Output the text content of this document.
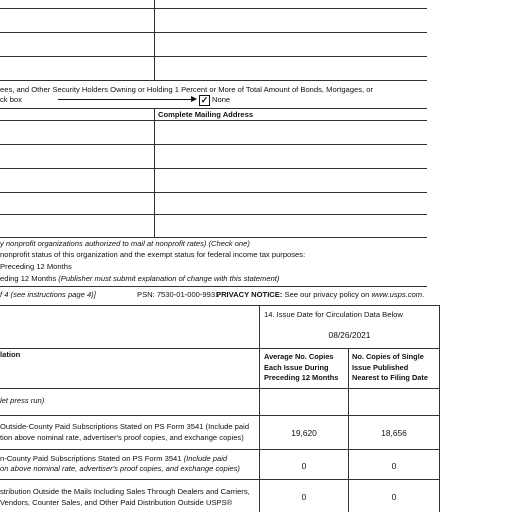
ees, and Other Security Holders Owning or Holding 1 Percent or More of Total Amount of Bonds, Mortgages, or
ck box	✓ None
Complete Mailing Address
y nonprofit organizations authorized to mail at nonprofit rates) (Check one)
nonprofit status of this organization and the exempt status for federal income tax purposes:
Preceding 12 Months
eding 12 Months (Publisher must submit explanation of change with this statement)
f 4 (see instructions page 4)]	PSN: 7530-01-000-9931
PRIVACY NOTICE: See our privacy policy on www.usps.com.
14. Issue Date for Circulation Data Below
08/26/2021
lation	Average No. Copies
Each Issue During
Preceding 12 Months
No. Copies of Single
Issue Published
Nearest to Filing Date
let press run)
Outside-County Paid Subscriptions Stated on PS Form 3541 (Include paid
tion above nominal rate, advertiser's proof copies, and exchange copies)	19,620	18,656
n-County Paid Subscriptions Stated on PS Form 3541 (Include paid
on above nominal rate, advertiser's proof copies, and exchange copies)	0	0
stribution Outside the Mails Including Sales Through Dealers and Carriers,
Vendors, Counter Sales, and Other Paid Distribution Outside USPS®
0	0
